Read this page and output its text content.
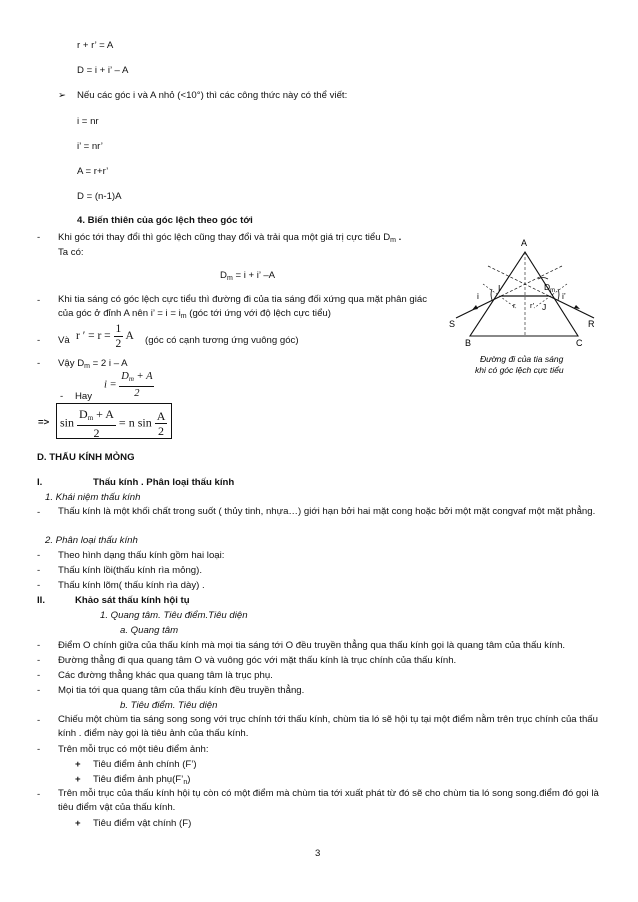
r + r’ = A
D = i + i’ – A
➢ Nếu các góc i và A nhỏ (<10°) thì các công thức này có thể viết:
i = nr
i’ = nr’
A = r+r’
D = (n-1)A
4. Biến thiên của góc lệch theo góc tới
- Khi góc tới thay đổi thì góc lệch cũng thay đổi và trải qua một giá trị cực tiểu $D_m$ .
Ta có:
$D_m = i + i$’ –A
- Khi tia sáng có góc lệch cực tiểu thì đường đi của tia sáng đối xứng qua mặt phân giác của góc ở đỉnh A nên i’ = $i = i_m$ (góc tới ứng với độ lệch cực tiểu)
- Và r ′ = $r = \frac{1}{2}$ A (góc có cạnh tương ứng vuông góc)
- Vậy $D_m = 2$ i – A
$i = \frac{D_m + A}{2}$
- Hay
=> $\sin \frac{D_m + A}{2} = n$ $\sin \frac{A}{2}$
A
B	C
S	R
I
J
i	i’
r r’
$D_m$
Đường đi của tia sáng
khi có góc lệch cực tiểu
D. THẤU KÍNH MỎNG
I.	Thấu kính . Phân loại thấu kính
1. Khái niệm thấu kính
- Thấu kính là một khối chất trong suốt ( thủy tinh, nhựa…) giới hạn bởi hai mặt cong hoặc bởi một mặt congvaf một mặt phẳng.
2. Phân loại thấu kính
- Theo hình dạng thấu kính gồm hai loại:
- Thấu kính lồi(thấu kính rìa mỏng).
- Thấu kính lõm( thấu kính rìa dày) .
II.	Khảo sát thấu kính hội tụ
1. Quang tâm. Tiêu điểm.Tiêu diện
a. Quang tâm
- Điểm O chính giữa của thấu kính mà mọi tia sáng tới O đều truyền thẳng qua thấu kính gọi là quang tâm của thấu kính.
- Đường thẳng đi qua quang tâm O và vuông góc với mặt thấu kính là trục chính của thấu kính.
- Các đường thẳng khác qua quang tâm là trục phụ.
- Mọi tia tới qua quang tâm của thấu kính đều truyền thẳng.
b. Tiêu điểm. Tiêu diện
- Chiếu một chùm tia sáng song song với trục chính tới thấu kính, chùm tia ló sẽ hội tụ tại một điểm nằm trên trục chính của thấu kính . điểm này gọi là tiêu ảnh của thấu kính.
- Trên mỗi trục có một tiêu điểm ảnh:
+ Tiêu điểm ảnh chính (F’)
+ Tiêu điểm ảnh $phụ(F’_n)$
- Trên mỗi trục của thấu kính hội tụ còn có một điểm mà chùm tia tới xuất phát từ đó sẽ cho chùm tia ló song song.điểm đó gọi là tiêu điểm vật của thấu kính.
+ Tiêu điểm vật chính (F)
3
